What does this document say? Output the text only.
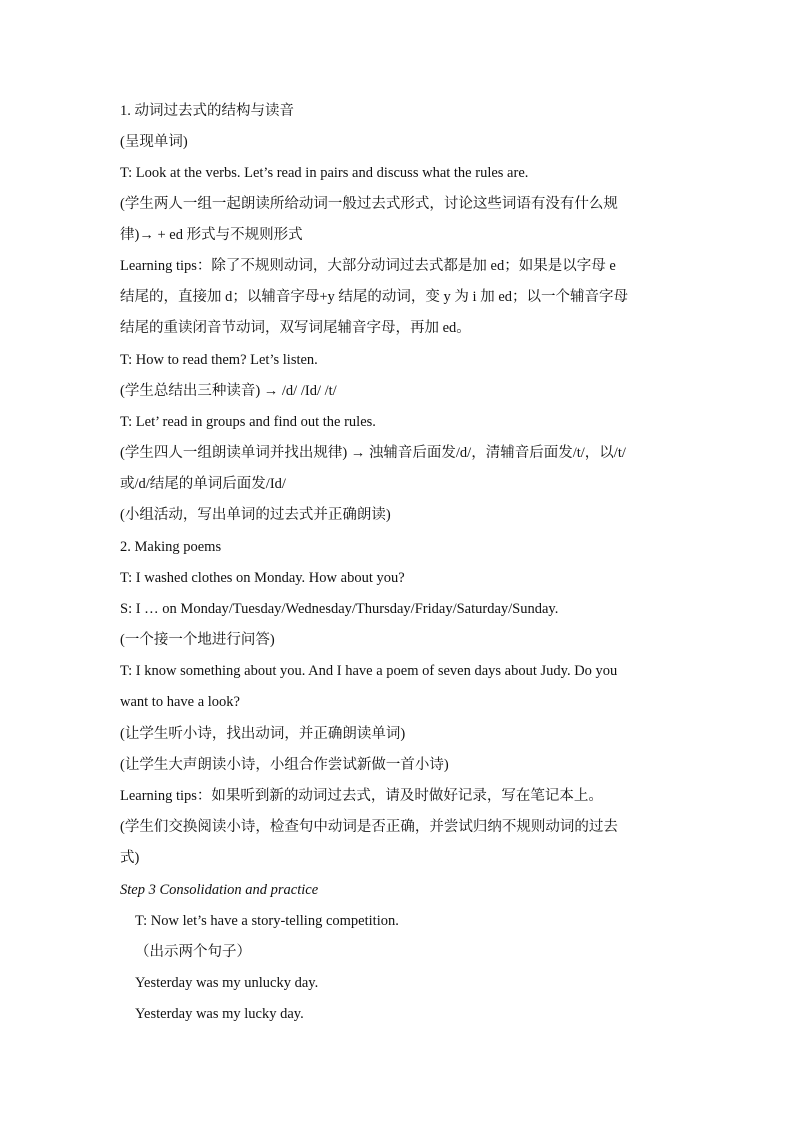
1. 动词过去式的结构与读音
(呈现单词)
T: Look at the verbs. Let’s read in pairs and discuss what the rules are.
(学生两人一组一起朗读所给动词一般过去式形式，讨论这些词语有没有什么规
律)→ + ed 形式与不规则形式
Learning tips：除了不规则动词，大部分动词过去式都是加 ed；如果是以字母 e
结尾的，直接加 d；以辅音字母+y 结尾的动词，变 y 为 i 加 ed；以一个辅音字母
结尾的重读闭音节动词，双写词尾辅音字母，再加 ed。
T: How to read them? Let’s listen.
(学生总结出三种读音) → /d/ /Id/ /t/
T: Let’ read in groups and find out the rules.
(学生四人一组朗读单词并找出规律) → 浊辅音后面发/d/，清辅音后面发/t/，以/t/
或/d/结尾的单词后面发/Id/
(小组活动，写出单词的过去式并正确朗读)
2. Making poems
T: I washed clothes on Monday. How about you?
S: I … on Monday/Tuesday/Wednesday/Thursday/Friday/Saturday/Sunday.
(一个接一个地进行问答)
T: I know something about you. And I have a poem of seven days about Judy. Do you
want to have a look?
(让学生听小诗，找出动词，并正确朗读单词)
(让学生大声朗读小诗，小组合作尝试新做一首小诗)
Learning tips：如果听到新的动词过去式，请及时做好记录，写在笔记本上。
(学生们交换阅读小诗，检查句中动词是否正确，并尝试归纳不规则动词的过去
式)
Step 3 Consolidation and practice
T: Now let’s have a story-telling competition.
（出示两个句子）
Yesterday was my unlucky day.
Yesterday was my lucky day.
